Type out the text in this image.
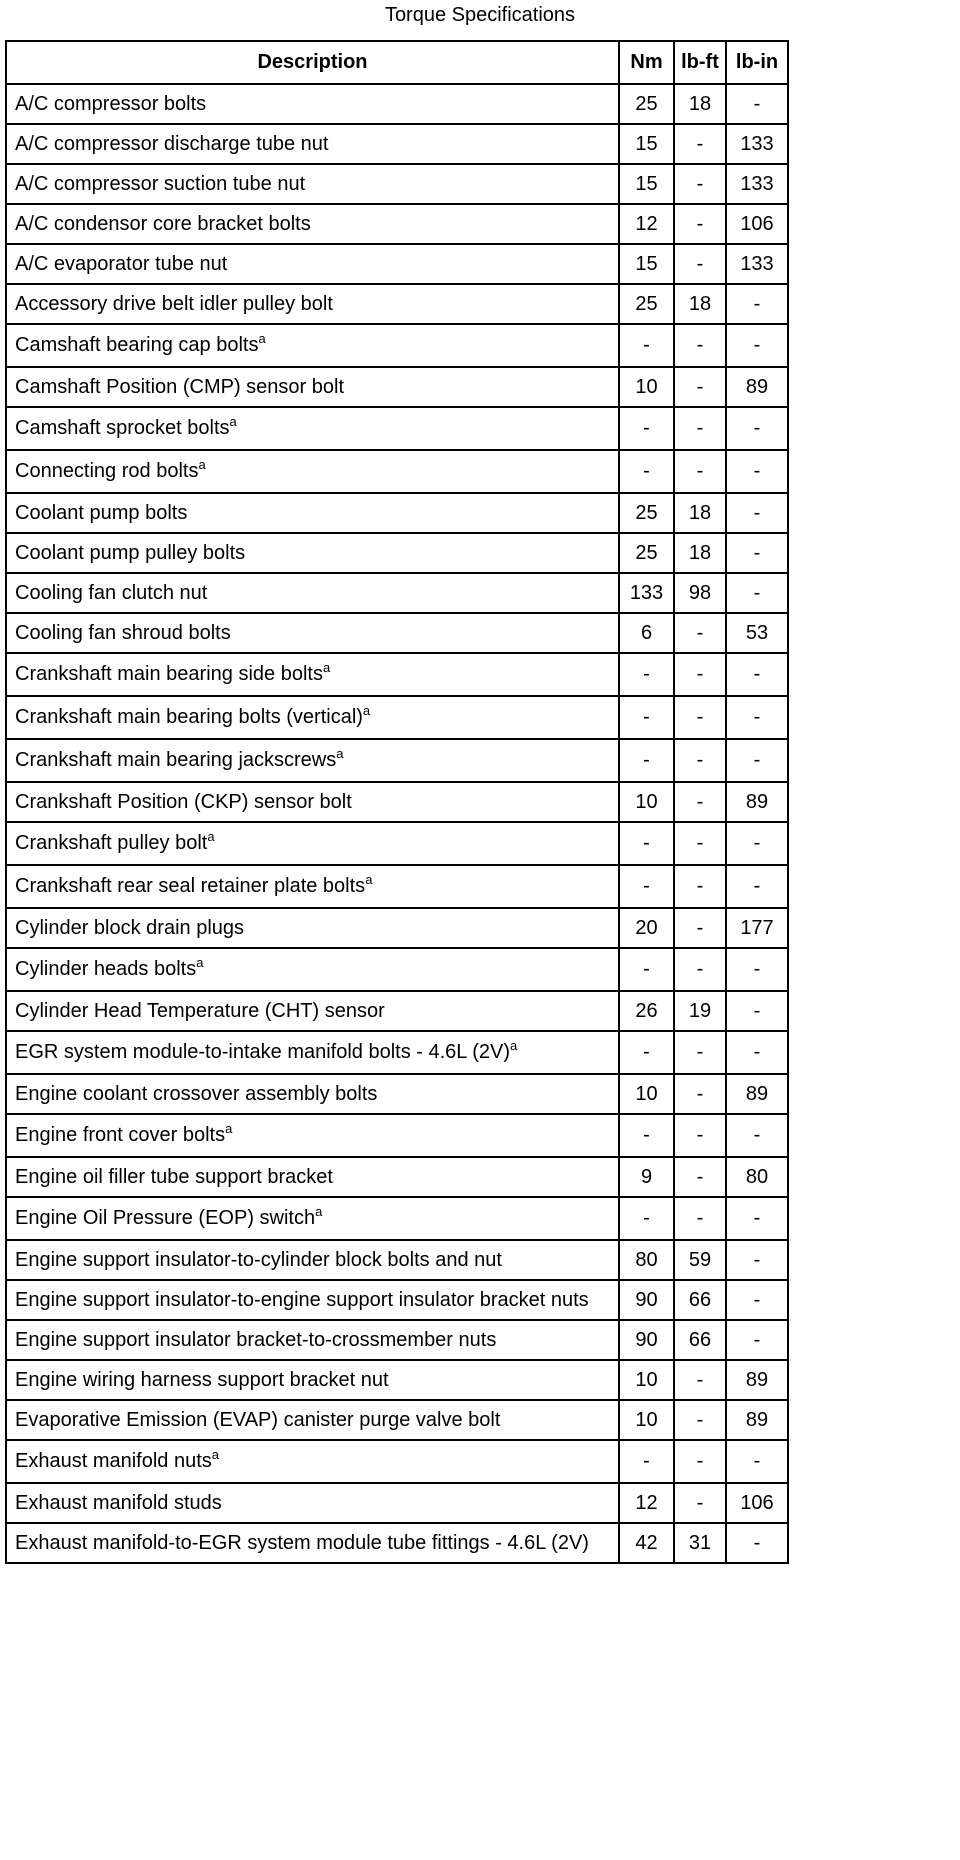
Torque Specifications
Description	Nm	lb-ft	lb-in
A/C compressor bolts	25	18	-
A/C compressor discharge tube nut	15	-	133
A/C compressor suction tube nut	15	-	133
A/C condensor core bracket bolts	12	-	106
A/C evaporator tube nut	15	-	133
Accessory drive belt idler pulley bolt	25	18	-
Camshaft bearing cap bolts$^a$	-	-	-
Camshaft Position (CMP) sensor bolt	10	-	89
Camshaft sprocket bolts$^a$	-	-	-
Connecting rod bolts$^a$	-	-	-
Coolant pump bolts	25	18	-
Coolant pump pulley bolts	25	18	-
Cooling fan clutch nut	133	98	-
Cooling fan shroud bolts	6	-	53
Crankshaft main bearing side bolts$^a$	-	-	-
Crankshaft main bearing bolts (vertical)$^a$	-	-	-
Crankshaft main bearing jackscrews$^a$	-	-	-
Crankshaft Position (CKP) sensor bolt	10	-	89
Crankshaft pulley bolt$^a$	-	-	-
Crankshaft rear seal retainer plate bolts$^a$	-	-	-
Cylinder block drain plugs	20	-	177
Cylinder heads bolts$^a$	-	-	-
Cylinder Head Temperature (CHT) sensor	26	19	-
EGR system module-to-intake manifold bolts - 4.6L $(2V)^a$	-	-	-
Engine coolant crossover assembly bolts	10	-	89
Engine front cover bolts$^a$	-	-	-
Engine oil filler tube support bracket	9	-	80
Engine Oil Pressure (EOP) switch$^a$	-	-	-
Engine support insulator-to-cylinder block bolts and nut	80	59	-
Engine support insulator-to-engine support insulator bracket nuts	90	66	-
Engine support insulator bracket-to-crossmember nuts	90	66	-
Engine wiring harness support bracket nut	10	-	89
Evaporative Emission (EVAP) canister purge valve bolt	10	-	89
Exhaust manifold nuts$^a$	-	-	-
Exhaust manifold studs	12	-	106
Exhaust manifold-to-EGR system module tube fittings - 4.6L (2V)	42	31	-
